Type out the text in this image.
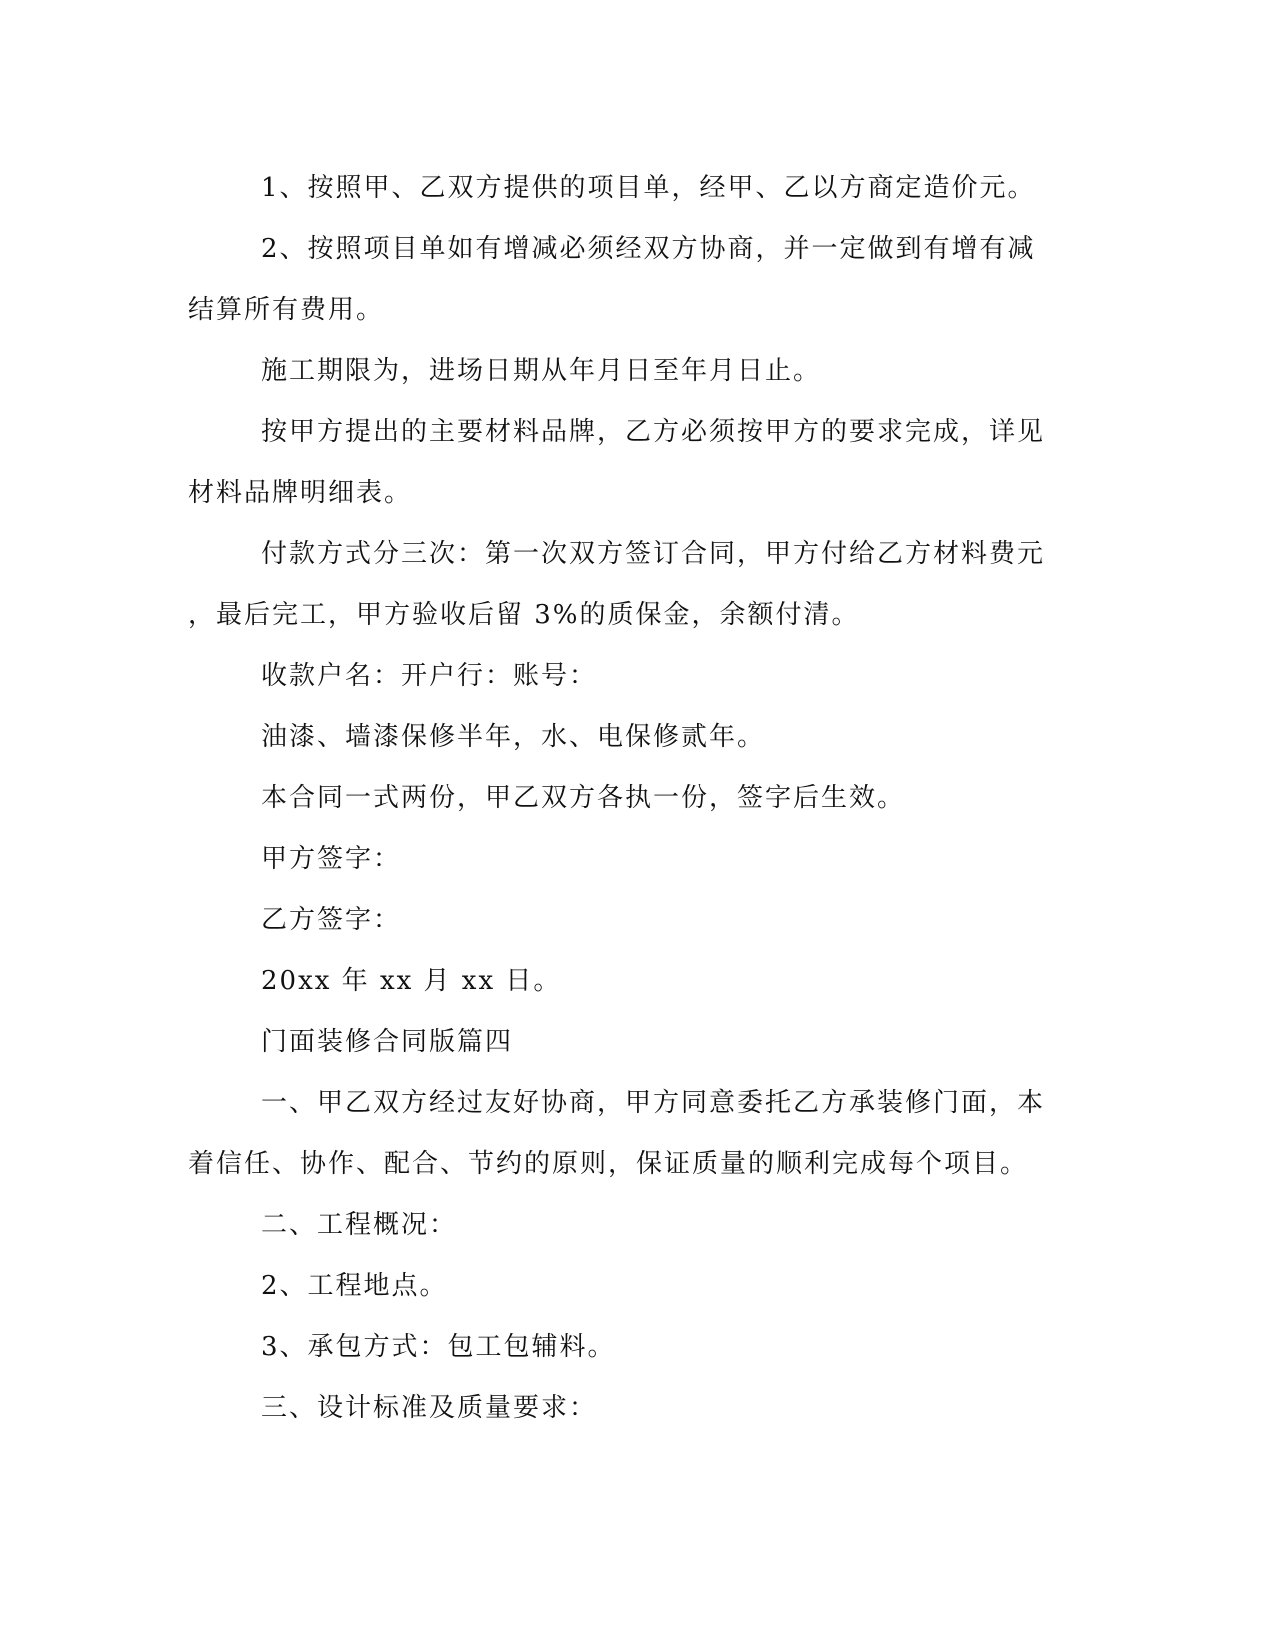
1、按照甲、乙双方提供的项目单，经甲、乙以方商定造价元。

2、按照项目单如有增减必须经双方协商，并一定做到有增有减

结算所有费用。

施工期限为，进场日期从年月日至年月日止。

按甲方提出的主要材料品牌，乙方必须按甲方的要求完成，详见

材料品牌明细表。

付款方式分三次：第一次双方签订合同，甲方付给乙方材料费元

，最后完工，甲方验收后留 3%的质保金，余额付清。

收款户名：开户行：账号：

油漆、墙漆保修半年，水、电保修贰年。

本合同一式两份，甲乙双方各执一份，签字后生效。

甲方签字：

乙方签字：

20xx 年 xx 月 xx 日。

门面装修合同版篇四

一、甲乙双方经过友好协商，甲方同意委托乙方承装修门面，本

着信任、协作、配合、节约的原则，保证质量的顺利完成每个项目。

二、工程概况：

2、工程地点。

3、承包方式：包工包辅料。

三、设计标准及质量要求：
